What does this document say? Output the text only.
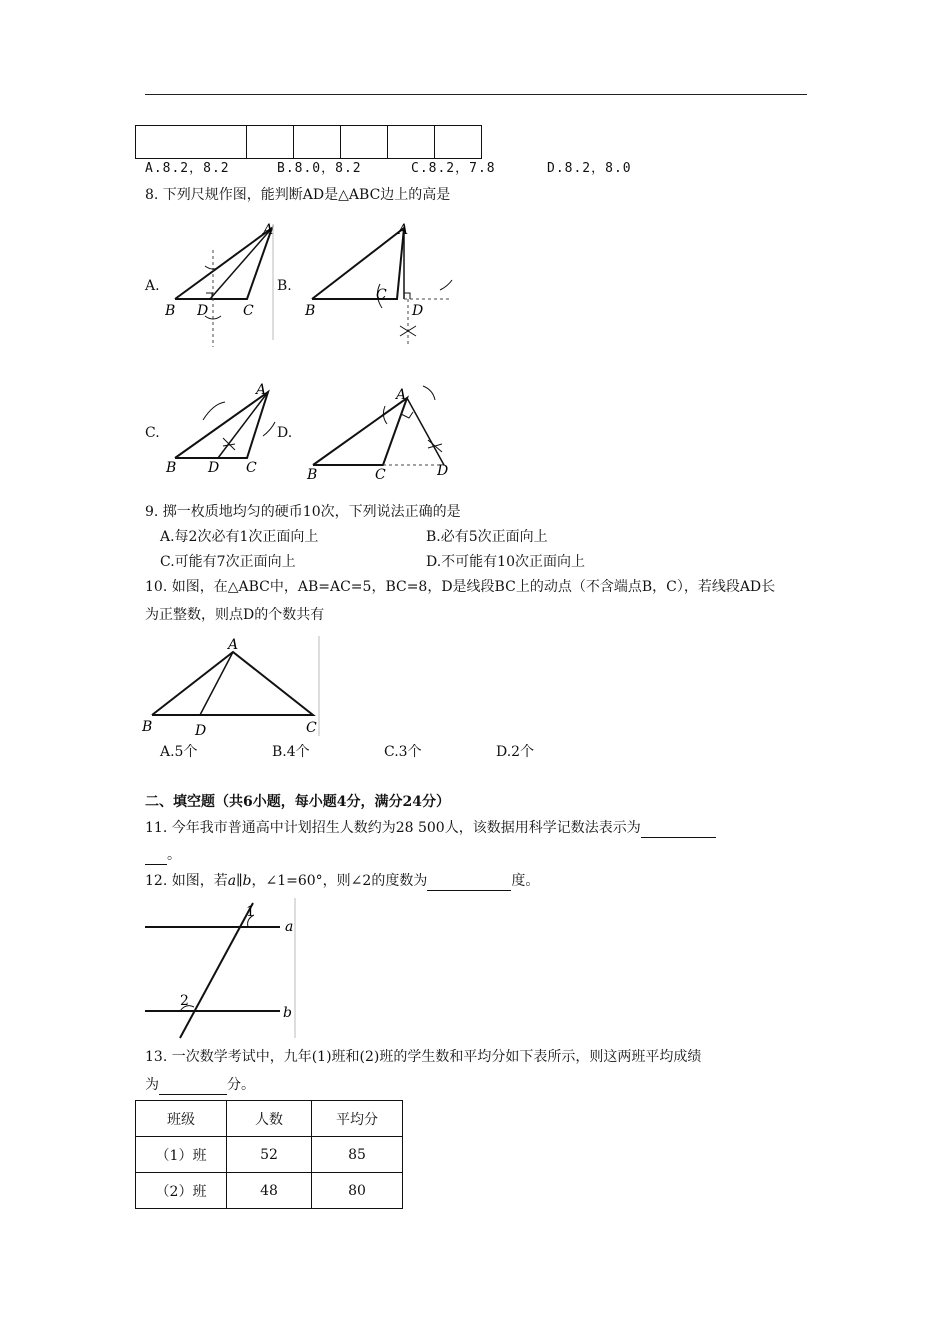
A.8.2，8.2	B.8.0，8.2	C.8.2，7.8	D.8.2，8.0
8. 下列尺规作图，能判断AD是△ABC边上的高是
A.
A
B D C
B.
A
B
C
D
C.
A
B D C
D.
A
B	C	D
9. 掷一枚质地均匀的硬币10次，下列说法正确的是
A.每2次必有1次正面向上	B.必有5次正面向上
C.可能有7次正面向上	D.不可能有10次正面向上
10. 如图，在△ABC中，AB=AC=5，BC=8，D是线段BC上的动点（不含端点B，C），若线段AD长
为正整数，则点D的个数共有
A
B	D	C
A.5个	B.4个	C.3个	D.2个
二、填空题（共6小题，每小题4分，满分24分）
11. 今年我市普通高中计划招生人数约为28 500人，该数据用科学记数法表示为
。
12. 如图，若a∥b，∠1=60°，则∠2的度数为	度。
1
2
a
b
13. 一次数学考试中，九年(1)班和(2)班的学生数和平均分如下表所示，则这两班平均成绩
为	分。
班级	人数	平均分
（1）班	52	85
（2）班	48	80
